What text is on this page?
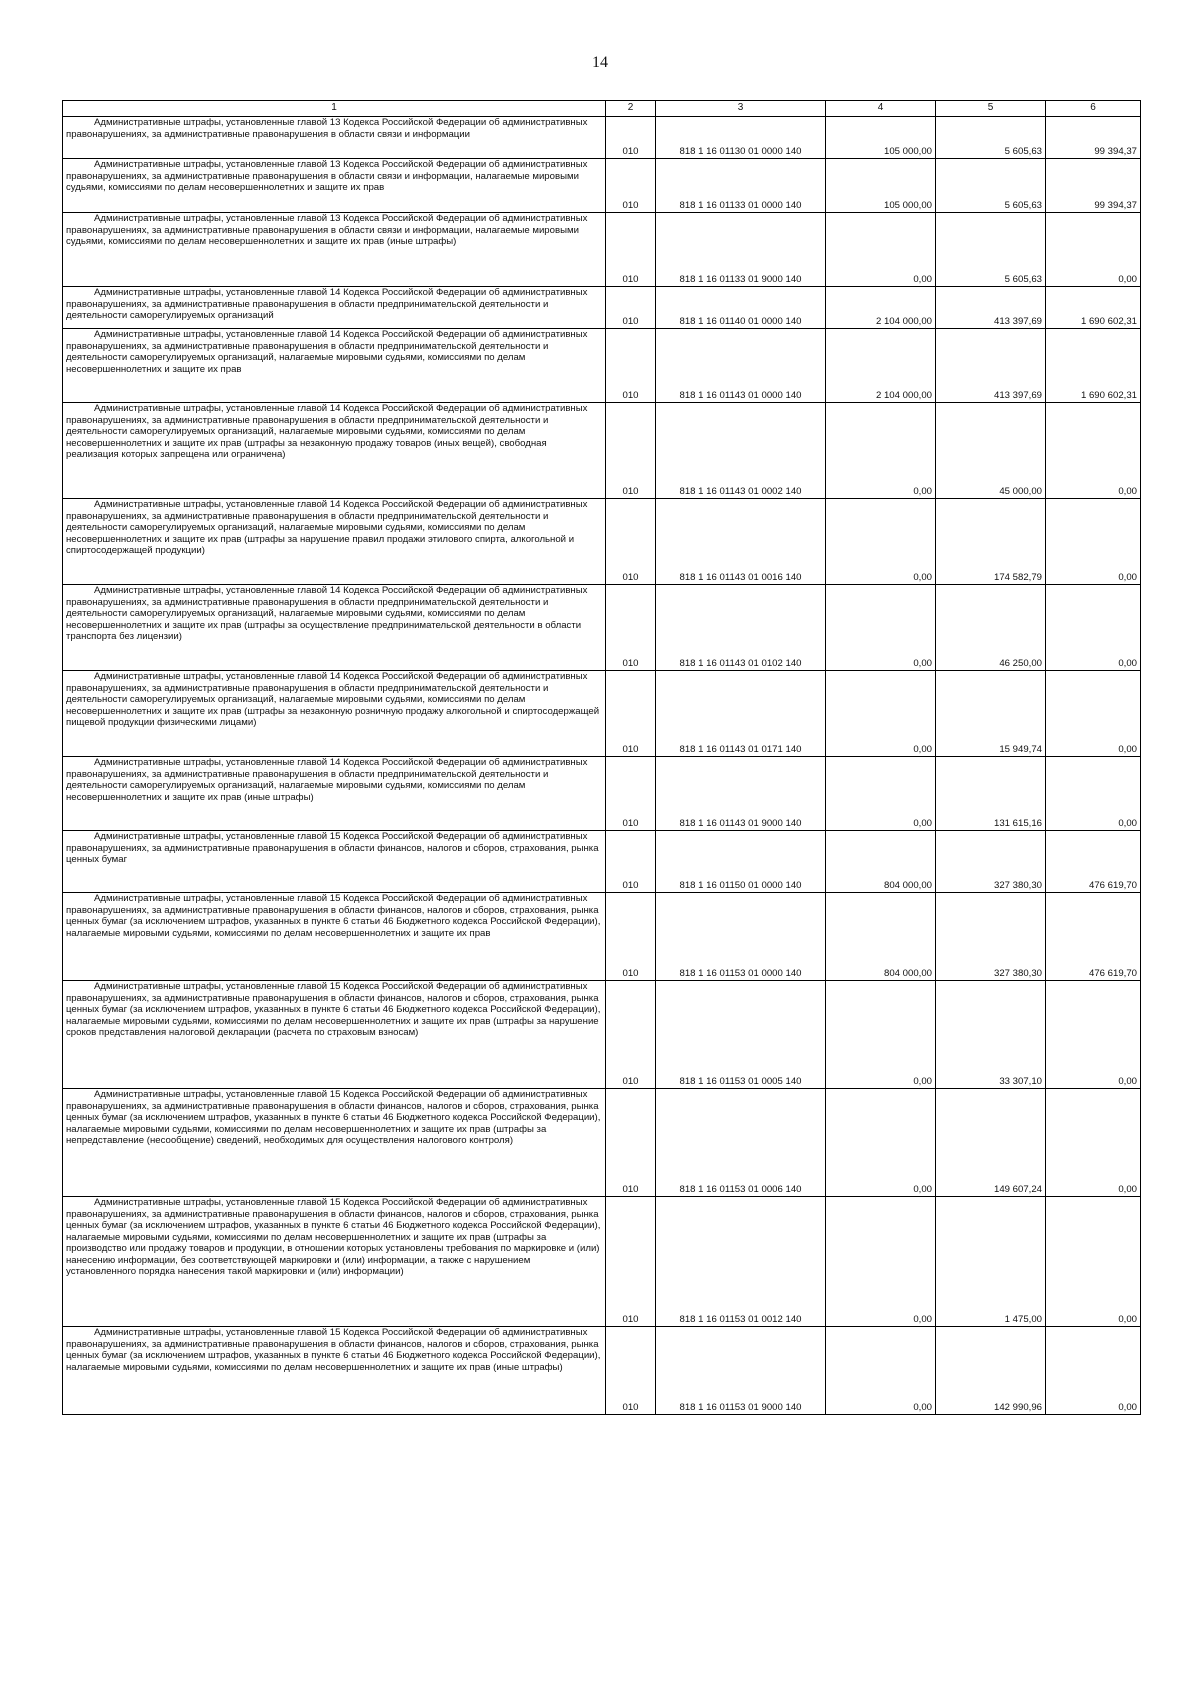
14
1	2	3	4	5	6
Административные штрафы, установленные главой 13 Кодекса Российской Федерации об административных правонарушениях, за административные правонарушения в области связи и информации	010	818 1 16 01130 01 0000 140	105 000,00	5 605,63	99 394,37
Административные штрафы, установленные главой 13 Кодекса Российской Федерации об административных правонарушениях, за административные правонарушения в области связи и информации, налагаемые мировыми судьями, комиссиями по делам несовершеннолетних и защите их прав	010	818 1 16 01133 01 0000 140	105 000,00	5 605,63	99 394,37
Административные штрафы, установленные главой 13 Кодекса Российской Федерации об административных правонарушениях, за административные правонарушения в области связи и информации, налагаемые мировыми судьями, комиссиями по делам несовершеннолетних и защите их прав (иные штрафы)	010	818 1 16 01133 01 9000 140	0,00	5 605,63	0,00
Административные штрафы, установленные главой 14 Кодекса Российской Федерации об административных правонарушениях, за административные правонарушения в области предпринимательской деятельности и деятельности саморегулируемых организаций	010	818 1 16 01140 01 0000 140	2 104 000,00	413 397,69	1 690 602,31
Административные штрафы, установленные главой 14 Кодекса Российской Федерации об административных правонарушениях, за административные правонарушения в области предпринимательской деятельности и деятельности саморегулируемых организаций, налагаемые мировыми судьями, комиссиями по делам несовершеннолетних и защите их прав	010	818 1 16 01143 01 0000 140	2 104 000,00	413 397,69	1 690 602,31
Административные штрафы, установленные главой 14 Кодекса Российской Федерации об административных правонарушениях, за административные правонарушения в области предпринимательской деятельности и деятельности саморегулируемых организаций, налагаемые мировыми судьями, комиссиями по делам несовершеннолетних и защите их прав (штрафы за незаконную продажу товаров (иных вещей), свободная реализация которых запрещена или ограничена)	010	818 1 16 01143 01 0002 140	0,00	45 000,00	0,00
Административные штрафы, установленные главой 14 Кодекса Российской Федерации об административных правонарушениях, за административные правонарушения в области предпринимательской деятельности и деятельности саморегулируемых организаций, налагаемые мировыми судьями, комиссиями по делам несовершеннолетних и защите их прав (штрафы за нарушение правил продажи этилового спирта, алкогольной и спиртосодержащей продукции)	010	818 1 16 01143 01 0016 140	0,00	174 582,79	0,00
Административные штрафы, установленные главой 14 Кодекса Российской Федерации об административных правонарушениях, за административные правонарушения в области предпринимательской деятельности и деятельности саморегулируемых организаций, налагаемые мировыми судьями, комиссиями по делам несовершеннолетних и защите их прав (штрафы за осуществление предпринимательской деятельности в области транспорта без лицензии)	010	818 1 16 01143 01 0102 140	0,00	46 250,00	0,00
Административные штрафы, установленные главой 14 Кодекса Российской Федерации об административных правонарушениях, за административные правонарушения в области предпринимательской деятельности и деятельности саморегулируемых организаций, налагаемые мировыми судьями, комиссиями по делам несовершеннолетних и защите их прав (штрафы за незаконную розничную продажу алкогольной и спиртосодержащей пищевой продукции физическими лицами)	010	818 1 16 01143 01 0171 140	0,00	15 949,74	0,00
Административные штрафы, установленные главой 14 Кодекса Российской Федерации об административных правонарушениях, за административные правонарушения в области предпринимательской деятельности и деятельности саморегулируемых организаций, налагаемые мировыми судьями, комиссиями по делам несовершеннолетних и защите их прав (иные штрафы)	010	818 1 16 01143 01 9000 140	0,00	131 615,16	0,00
Административные штрафы, установленные главой 15 Кодекса Российской Федерации об административных правонарушениях, за административные правонарушения в области финансов, налогов и сборов, страхования, рынка ценных бумаг	010	818 1 16 01150 01 0000 140	804 000,00	327 380,30	476 619,70
Административные штрафы, установленные главой 15 Кодекса Российской Федерации об административных правонарушениях, за административные правонарушения в области финансов, налогов и сборов, страхования, рынка ценных бумаг (за исключением штрафов, указанных в пункте 6 статьи 46 Бюджетного кодекса Российской Федерации), налагаемые мировыми судьями, комиссиями по делам несовершеннолетних и защите их прав	010	818 1 16 01153 01 0000 140	804 000,00	327 380,30	476 619,70
Административные штрафы, установленные главой 15 Кодекса Российской Федерации об административных правонарушениях, за административные правонарушения в области финансов, налогов и сборов, страхования, рынка ценных бумаг (за исключением штрафов, указанных в пункте 6 статьи 46 Бюджетного кодекса Российской Федерации), налагаемые мировыми судьями, комиссиями по делам несовершеннолетних и защите их прав (штрафы за нарушение сроков представления налоговой декларации (расчета по страховым взносам)	010	818 1 16 01153 01 0005 140	0,00	33 307,10	0,00
Административные штрафы, установленные главой 15 Кодекса Российской Федерации об административных правонарушениях, за административные правонарушения в области финансов, налогов и сборов, страхования, рынка ценных бумаг (за исключением штрафов, указанных в пункте 6 статьи 46 Бюджетного кодекса Российской Федерации), налагаемые мировыми судьями, комиссиями по делам несовершеннолетних и защите их прав (штрафы за непредставление (несообщение) сведений, необходимых для осуществления налогового контроля)	010	818 1 16 01153 01 0006 140	0,00	149 607,24	0,00
Административные штрафы, установленные главой 15 Кодекса Российской Федерации об административных правонарушениях, за административные правонарушения в области финансов, налогов и сборов, страхования, рынка ценных бумаг (за исключением штрафов, указанных в пункте 6 статьи 46 Бюджетного кодекса Российской Федерации), налагаемые мировыми судьями, комиссиями по делам несовершеннолетних и защите их прав (штрафы за производство или продажу товаров и продукции, в отношении которых установлены требования по маркировке и (или) нанесению информации, без соответствующей маркировки и (или) информации, а также с нарушением установленного порядка нанесения такой маркировки и (или) информации)	010	818 1 16 01153 01 0012 140	0,00	1 475,00	0,00
Административные штрафы, установленные главой 15 Кодекса Российской Федерации об административных правонарушениях, за административные правонарушения в области финансов, налогов и сборов, страхования, рынка ценных бумаг (за исключением штрафов, указанных в пункте 6 статьи 46 Бюджетного кодекса Российской Федерации), налагаемые мировыми судьями, комиссиями по делам несовершеннолетних и защите их прав (иные штрафы)	010	818 1 16 01153 01 9000 140	0,00	142 990,96	0,00
